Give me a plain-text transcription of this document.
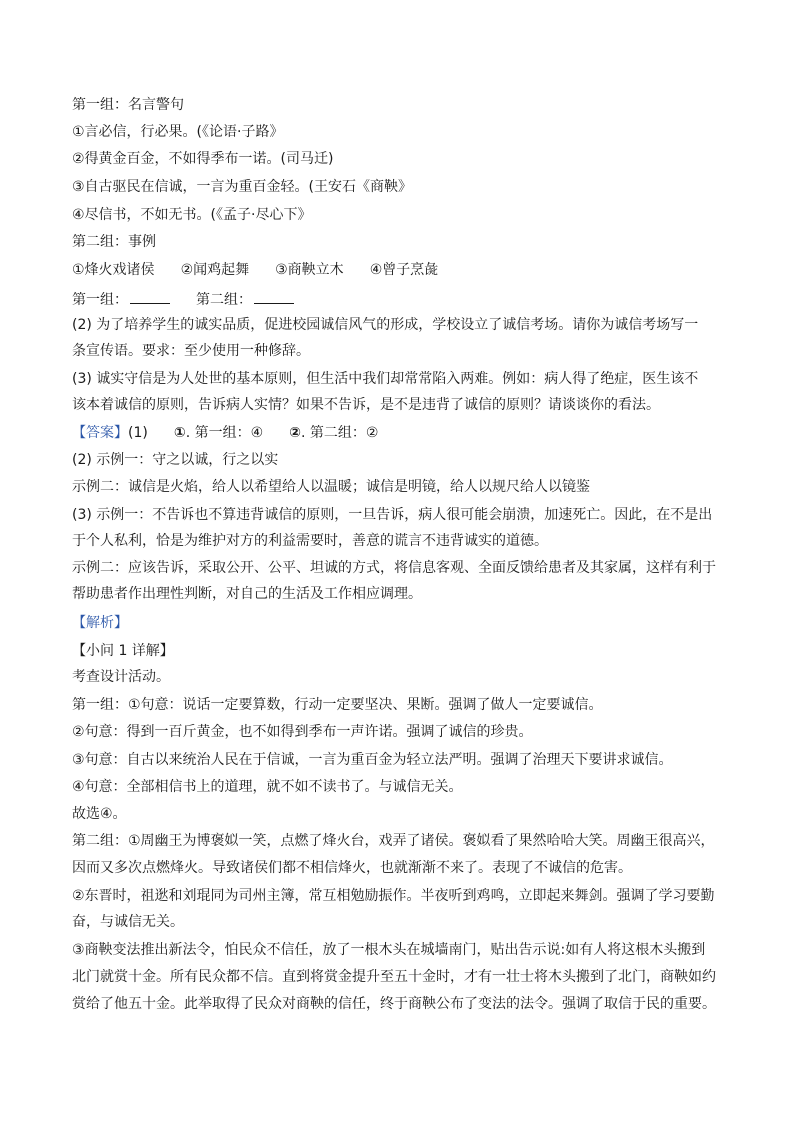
第一组：名言警句
①言必信，行必果。(《论语·子路》
②得黄金百金，不如得季布一诺。(司马迁)
③自古驱民在信诚，一言为重百金轻。(王安石《商鞅》
④尽信书，不如无书。(《孟子·尽心下》
第二组：事例
①烽火戏诸侯 ②闻鸡起舞 ③商鞅立木 ④曾子烹彘
第一组：	第二组：
(2) 为了培养学生的诚实品质，促进校园诚信风气的形成，学校设立了诚信考场。请你为诚信考场写一
条宣传语。要求：至少使用一种修辞。
(3) 诚实守信是为人处世的基本原则，但生活中我们却常常陷入两难。例如：病人得了绝症，医生该不
该本着诚信的原则，告诉病人实情？如果不告诉，是不是违背了诚信的原则？请谈谈你的看法。
【答案】(1) ①. 第一组：④ ②. 第二组：②
(2) 示例一：守之以诚，行之以实
示例二：诚信是火焰，给人以希望给人以温暖；诚信是明镜，给人以规尺给人以镜鉴
(3) 示例一：不告诉也不算违背诚信的原则，一旦告诉，病人很可能会崩溃，加速死亡。因此，在不是出
于个人私利，恰是为维护对方的利益需要时，善意的谎言不违背诚实的道德。
示例二：应该告诉，采取公开、公平、坦诚的方式，将信息客观、全面反馈给患者及其家属，这样有利于
帮助患者作出理性判断，对自己的生活及工作相应调理。
【解析】
【小问 1 详解】
考查设计活动。
第一组：①句意：说话一定要算数，行动一定要坚决、果断。强调了做人一定要诚信。
②句意：得到一百斤黄金，也不如得到季布一声许诺。强调了诚信的珍贵。
③句意：自古以来统治人民在于信诚，一言为重百金为轻立法严明。强调了治理天下要讲求诚信。
④句意：全部相信书上的道理，就不如不读书了。与诚信无关。
故选④。
第二组：①周幽王为博褒姒一笑，点燃了烽火台，戏弄了诸侯。褒姒看了果然哈哈大笑。周幽王很高兴，
因而又多次点燃烽火。导致诸侯们都不相信烽火，也就渐渐不来了。表现了不诚信的危害。
②东晋时，祖逖和刘琨同为司州主簿，常互相勉励振作。半夜听到鸡鸣，立即起来舞剑。强调了学习要勤
奋，与诚信无关。
③商鞅变法推出新法令，怕民众不信任，放了一根木头在城墙南门，贴出告示说:如有人将这根木头搬到
北门就赏十金。所有民众都不信。直到将赏金提升至五十金时，才有一壮士将木头搬到了北门，商鞅如约
赏给了他五十金。此举取得了民众对商鞅的信任，终于商鞅公布了变法的法令。强调了取信于民的重要。
